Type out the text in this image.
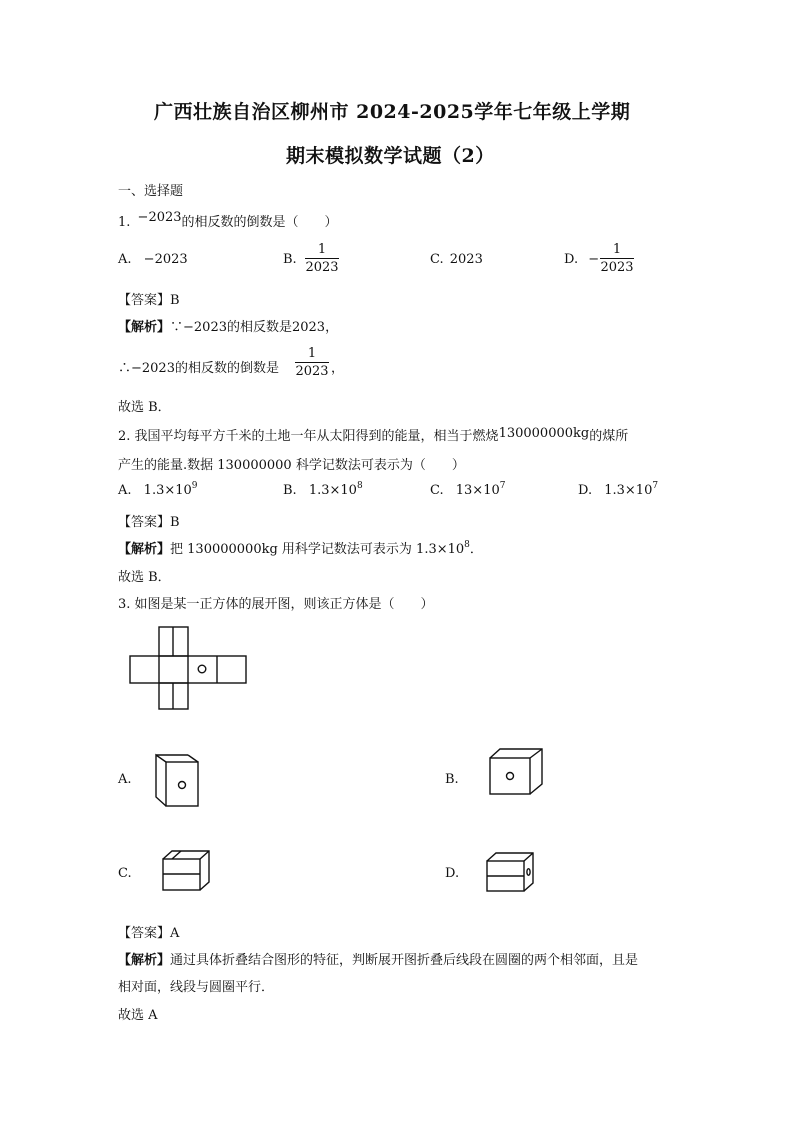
广西壮族自治区柳州市 2024-2025学年七年级上学期
期末模拟数学试题（2）
一、选择题
1. −2023的相反数的倒数是（　　）
A. −2023	B.
1
2023
C. 2023	D. −
1
2023
【答案】B
【解析】∵−2023的相反数是2023，
∴−2023的相反数的倒数是
1
2023 ，
故选 B．
2. 我国平均每平方千米的土地一年从太阳得到的能量，相当于燃烧130000000kg的煤所
产生的能量.数据 130000000 科学记数法可表示为（　　）
A. $1.3\times 10^9$	B. $1.3\times 10^8$	C. $13\times 10^7$	D. $1.3\times 10^7$
【答案】B
【解析】把 130000000kg 用科学记数法可表示为 $1.3\times 10^8$．
故选 B．
3. 如图是某一正方体的展开图，则该正方体是（　　）
A.	B.
C.	D.
【答案】A
【解析】通过具体折叠结合图形的特征，判断展开图折叠后线段在圆圈的两个相邻面，且是
相对面，线段与圆圈平行．
故选 A
